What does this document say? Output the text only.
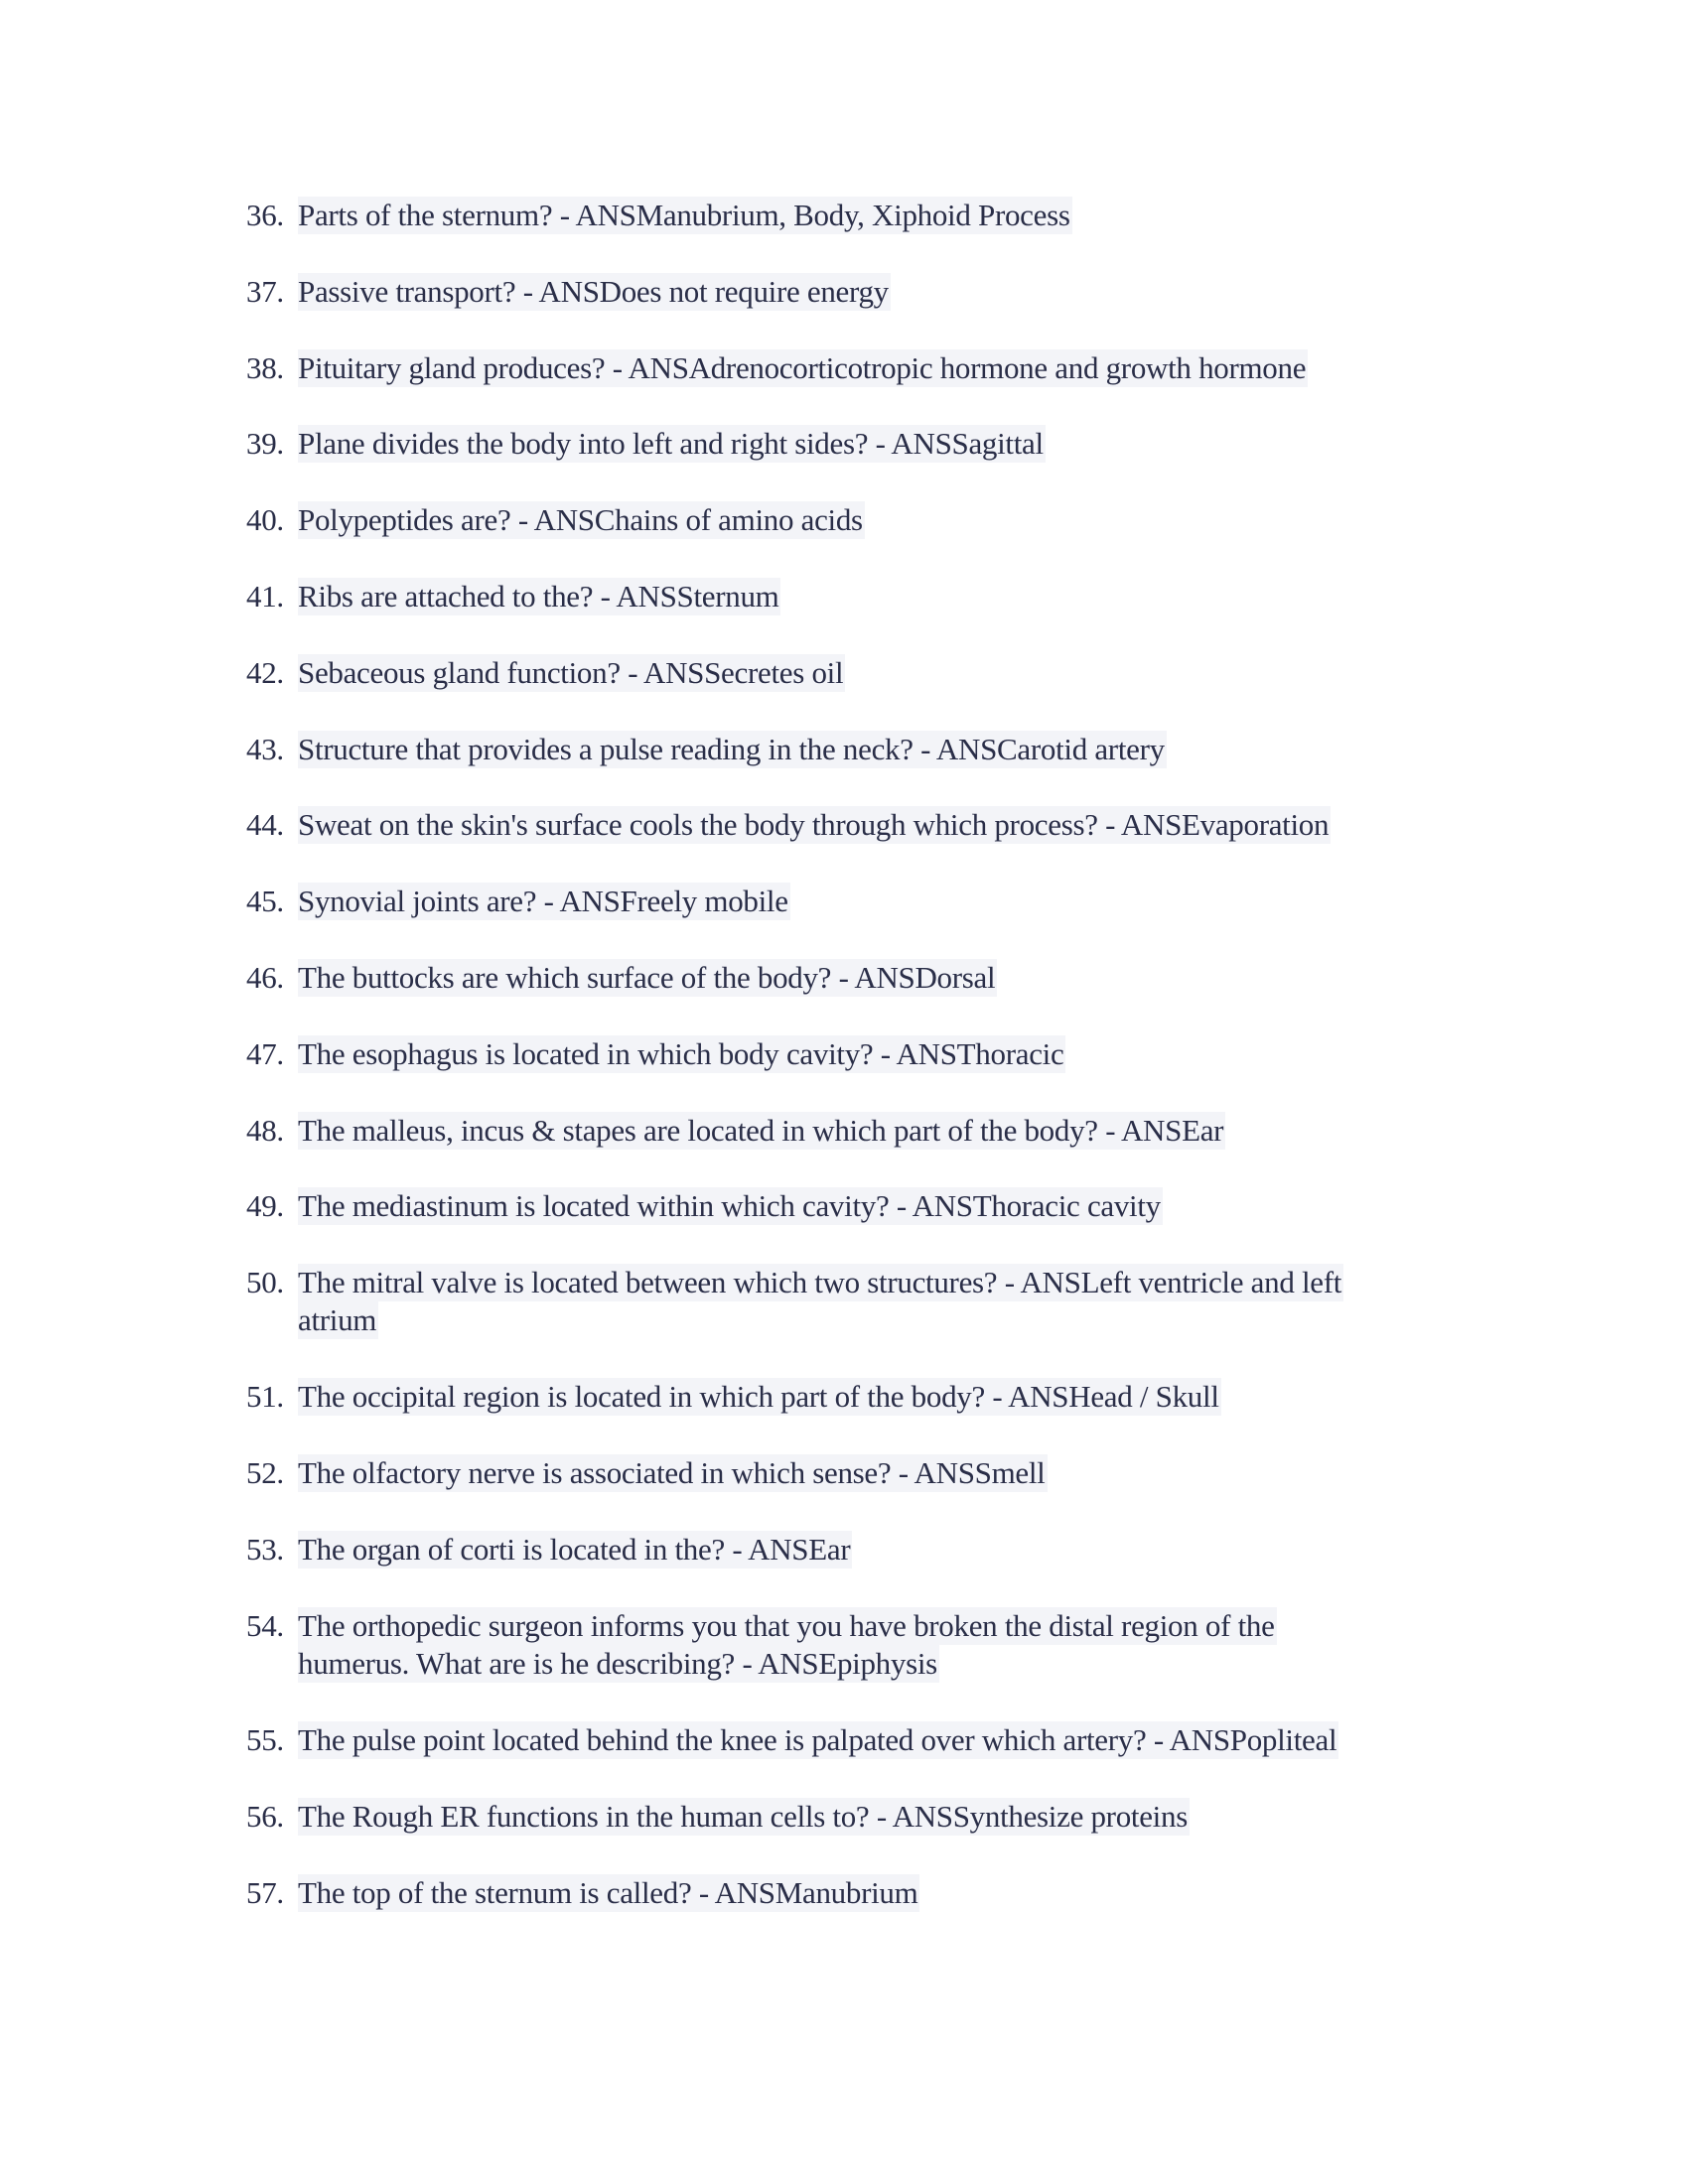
36. Parts of the sternum? - ANSManubrium, Body, Xiphoid Process
37. Passive transport? - ANSDoes not require energy
38. Pituitary gland produces? - ANSAdrenocorticotropic hormone and growth hormone
39. Plane divides the body into left and right sides? - ANSSagittal
40. Polypeptides are? - ANSChains of amino acids
41. Ribs are attached to the? - ANSSternum
42. Sebaceous gland function? - ANSSecretes oil
43. Structure that provides a pulse reading in the neck? - ANSCarotid artery
44. Sweat on the skin's surface cools the body through which process? - ANSEvaporation
45. Synovial joints are? - ANSFreely mobile
46. The buttocks are which surface of the body? - ANSDorsal
47. The esophagus is located in which body cavity? - ANSThoracic
48. The malleus, incus & stapes are located in which part of the body? - ANSEar
49. The mediastinum is located within which cavity? - ANSThoracic cavity
50. The mitral valve is located between which two structures? - ANSLeft ventricle and left
atrium
51. The occipital region is located in which part of the body? - ANSHead / Skull
52. The olfactory nerve is associated in which sense? - ANSSmell
53. The organ of corti is located in the? - ANSEar
54. The orthopedic surgeon informs you that you have broken the distal region of the
humerus. What are is he describing? - ANSEpiphysis
55. The pulse point located behind the knee is palpated over which artery? - ANSPopliteal
56. The Rough ER functions in the human cells to? - ANSSynthesize proteins
57. The top of the sternum is called? - ANSManubrium
